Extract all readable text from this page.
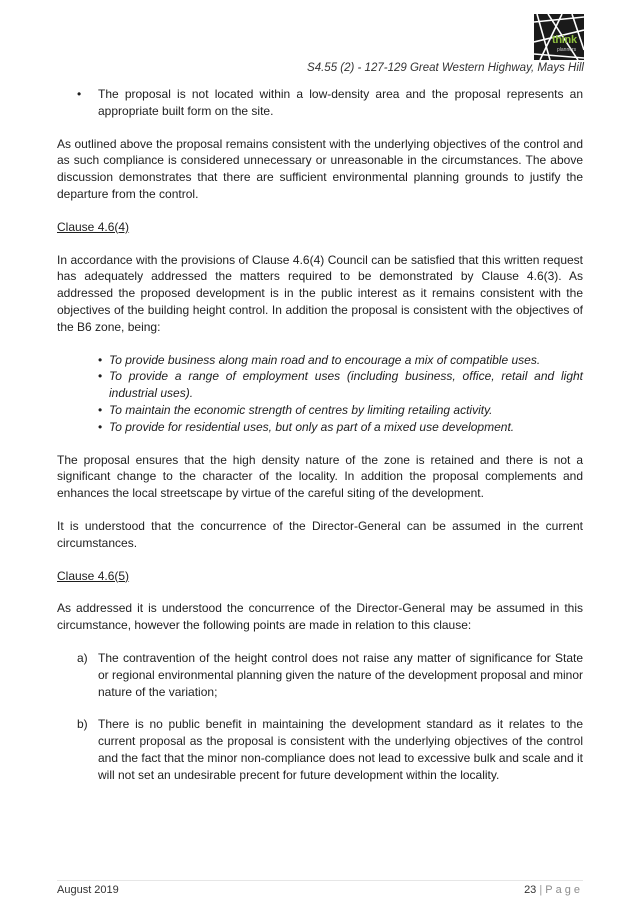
think
planners
S4.55 (2) - 127-129 Great Western Highway, Mays Hill
• The proposal is not located within a low-density area and the proposal represents an appropriate built form on the site.

As outlined above the proposal remains consistent with the underlying objectives of the control and as such compliance is considered unnecessary or unreasonable in the circumstances. The above discussion demonstrates that there are sufficient environmental planning grounds to justify the departure from the control.

Clause 4.6(4)

In accordance with the provisions of Clause 4.6(4) Council can be satisfied that this written request has adequately addressed the matters required to be demonstrated by Clause 4.6(3). As addressed the proposed development is in the public interest as it remains consistent with the objectives of the building height control. In addition the proposal is consistent with the objectives of the B6 zone, being:

• To provide business along main road and to encourage a mix of compatible uses.
• To provide a range of employment uses (including business, office, retail and light industrial uses).
• To maintain the economic strength of centres by limiting retailing activity.
• To provide for residential uses, but only as part of a mixed use development.

The proposal ensures that the high density nature of the zone is retained and there is not a significant change to the character of the locality. In addition the proposal complements and enhances the local streetscape by virtue of the careful siting of the development.

It is understood that the concurrence of the Director-General can be assumed in the current circumstances.

Clause 4.6(5)

As addressed it is understood the concurrence of the Director-General may be assumed in this circumstance, however the following points are made in relation to this clause:

a) The contravention of the height control does not raise any matter of significance for State or regional environmental planning given the nature of the development proposal and minor nature of the variation;
b) There is no public benefit in maintaining the development standard as it relates to the current proposal as the proposal is consistent with the underlying objectives of the control and the fact that the minor non-compliance does not lead to excessive bulk and scale and it will not set an undesirable precent for future development within the locality.
August 2019	23 | Page
